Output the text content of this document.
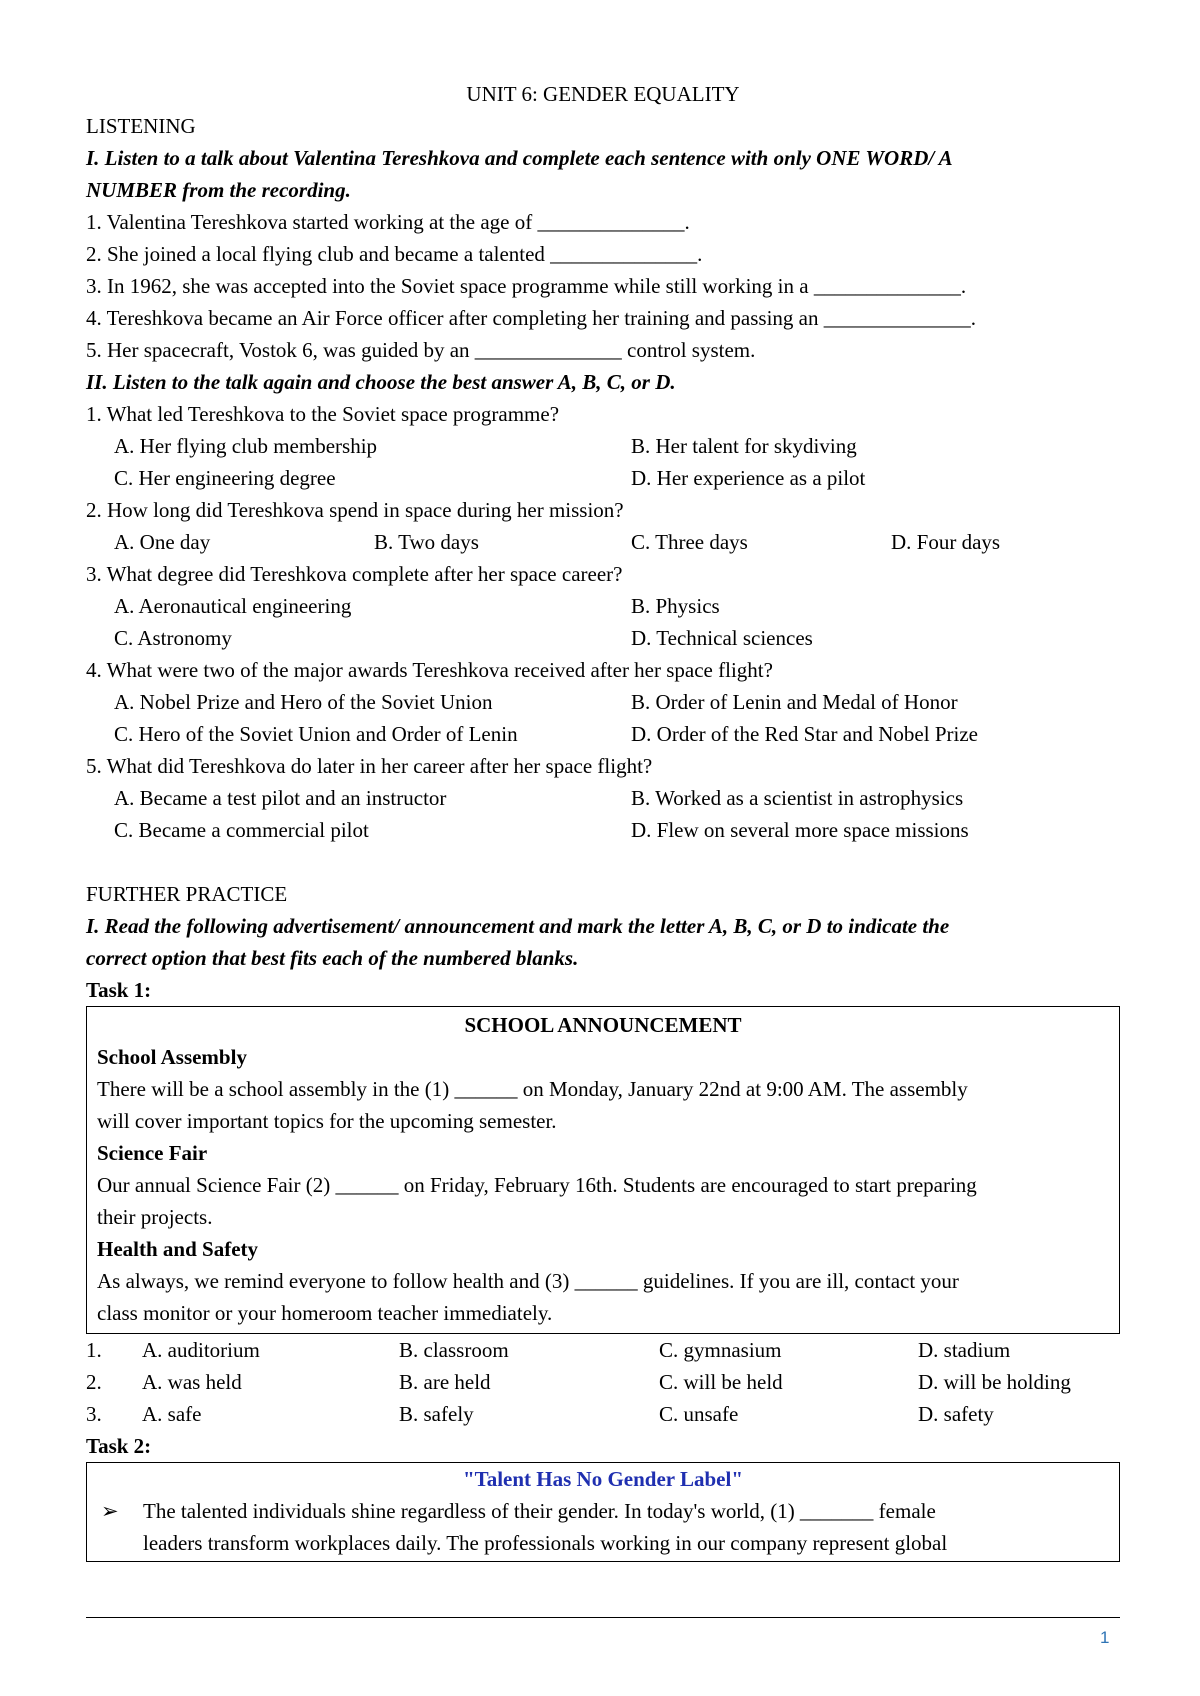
UNIT 6: GENDER EQUALITY
LISTENING
I. Listen to a talk about Valentina Tereshkova and complete each sentence with only ONE WORD/ A
NUMBER from the recording.
1. Valentina Tereshkova started working at the age of ______________.
2. She joined a local flying club and became a talented ______________.
3. In 1962, she was accepted into the Soviet space programme while still working in a ______________.
4. Tereshkova became an Air Force officer after completing her training and passing an ______________.
5. Her spacecraft, Vostok 6, was guided by an ______________ control system.
II. Listen to the talk again and choose the best answer A, B, C, or D.
1. What led Tereshkova to the Soviet space programme?
A. Her flying club membership	B. Her talent for skydiving
C. Her engineering degree	D. Her experience as a pilot
2. How long did Tereshkova spend in space during her mission?
A. One day	B. Two days	C. Three days	D. Four days
3. What degree did Tereshkova complete after her space career?
A. Aeronautical engineering	B. Physics
C. Astronomy	D. Technical sciences
4. What were two of the major awards Tereshkova received after her space flight?
A. Nobel Prize and Hero of the Soviet Union	B. Order of Lenin and Medal of Honor
C. Hero of the Soviet Union and Order of Lenin	D. Order of the Red Star and Nobel Prize
5. What did Tereshkova do later in her career after her space flight?
A. Became a test pilot and an instructor	B. Worked as a scientist in astrophysics
C. Became a commercial pilot	D. Flew on several more space missions
FURTHER PRACTICE
I. Read the following advertisement/ announcement and mark the letter A, B, C, or D to indicate the
correct option that best fits each of the numbered blanks.
Task 1:

SCHOOL ANNOUNCEMENT

School Assembly

There will be a school assembly in the (1) ______ on Monday, January 22nd at 9:00 AM. The assembly

will cover important topics for the upcoming semester.

Science Fair

Our annual Science Fair (2) ______ on Friday, February 16th. Students are encouraged to start preparing

their projects.

Health and Safety

As always, we remind everyone to follow health and (3) ______ guidelines. If you are ill, contact your

class monitor or your homeroom teacher immediately.

1. A. auditorium	B. classroom	C. gymnasium	D. stadium
2. A. was held	B. are held	C. will be held	D. will be holding
3. A. safe	B. safely	C. unsafe	D. safety
Task 2:
"Talent Has No Gender Label"
➢	The talented individuals shine regardless of their gender. In today's world, (1) _______ female
leaders transform workplaces daily. The professionals working in our company represent global
1
